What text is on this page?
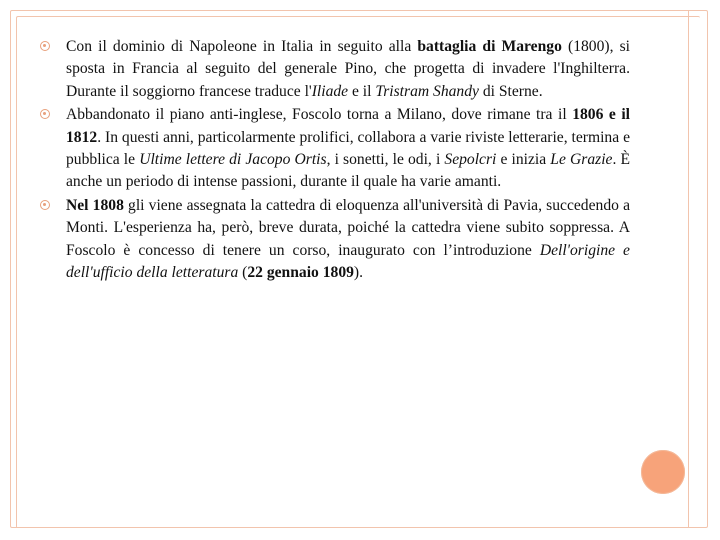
Con il dominio di Napoleone in Italia in seguito alla battaglia di Marengo (1800), si sposta in Francia al seguito del generale Pino, che progetta di invadere l'Inghilterra. Durante il soggiorno francese traduce l'Iliade e il Tristram Shandy di Sterne.
Abbandonato il piano anti-inglese, Foscolo torna a Milano, dove rimane tra il 1806 e il 1812. In questi anni, particolarmente prolifici, collabora a varie riviste letterarie, termina e pubblica le Ultime lettere di Jacopo Ortis, i sonetti, le odi, i Sepolcri e inizia Le Grazie. È anche un periodo di intense passioni, durante il quale ha varie amanti.
Nel 1808 gli viene assegnata la cattedra di eloquenza all'università di Pavia, succedendo a Monti. L'esperienza ha, però, breve durata, poiché la cattedra viene subito soppressa. A Foscolo è concesso di tenere un corso, inaugurato con l’introduzione Dell'origine e dell'ufficio della letteratura (22 gennaio 1809).
